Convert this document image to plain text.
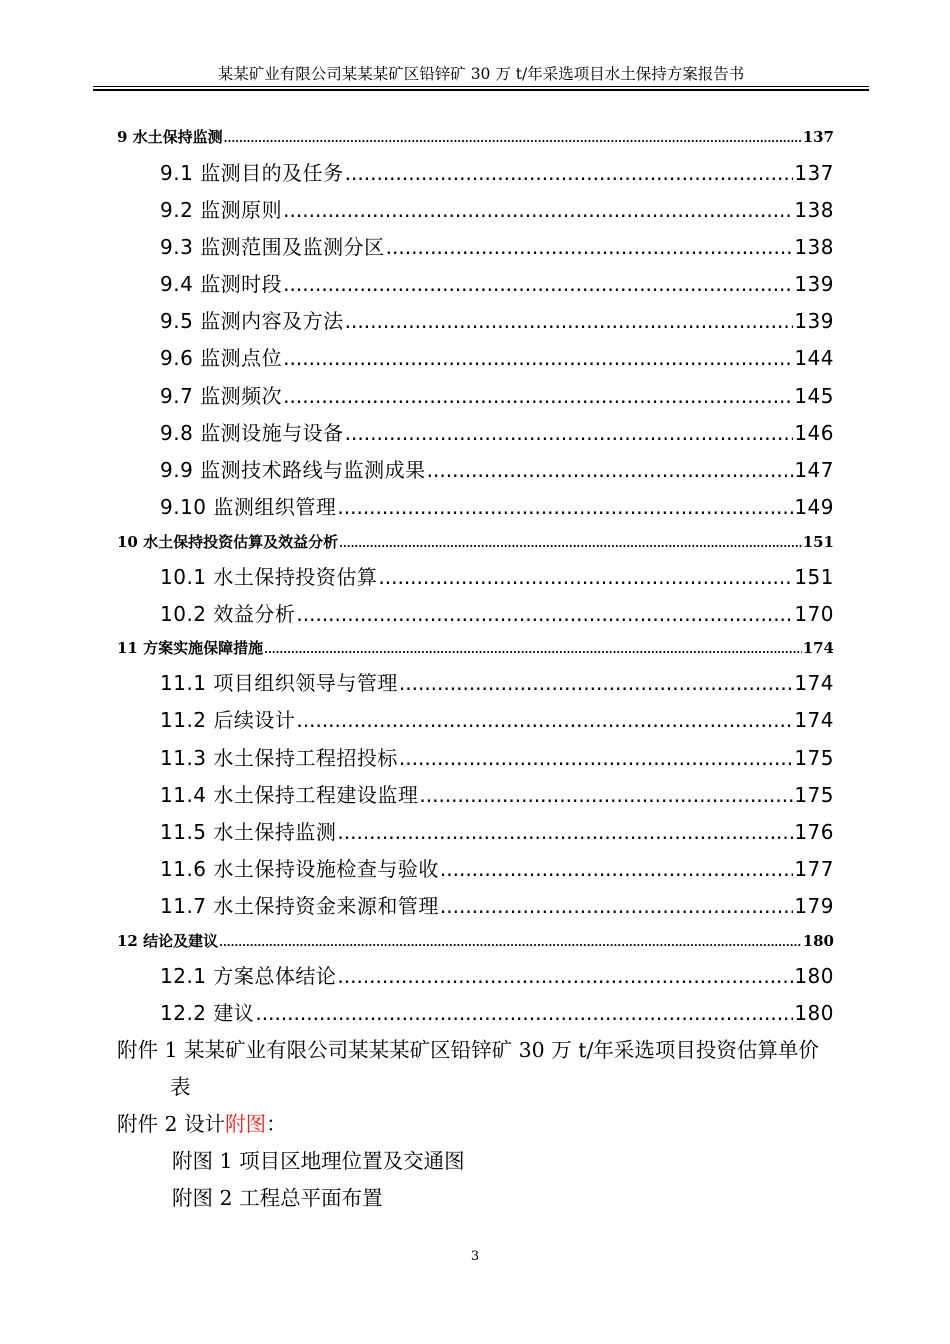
某某矿业有限公司某某某矿区铅锌矿 30 万 t/年采选项目水土保持方案报告书
9 水土保持监测 .....	137
9.1 监测目的及任务 .....	137
9.2 监测原则 .....	138
9.3 监测范围及监测分区 .....	138
9.4 监测时段 .....	139
9.5 监测内容及方法 .....	139
9.6 监测点位 .....	144
9.7 监测频次 .....	145
9.8 监测设施与设备 .....	146
9.9 监测技术路线与监测成果 .....	147
9.10 监测组织管理 .....	149
10 水土保持投资估算及效益分析 .....	151
10.1 水土保持投资估算 .....	151
10.2 效益分析 .....	170
11 方案实施保障措施 .....	174
11.1 项目组织领导与管理 .....	174
11.2 后续设计 .....	174
11.3 水土保持工程招投标 .....	175
11.4 水土保持工程建设监理 .....	175
11.5 水土保持监测 .....	176
11.6 水土保持设施检查与验收 .....	177
11.7 水土保持资金来源和管理 .....	179
12 结论及建议 .....	180
12.1 方案总体结论 .....	180
12.2 建议 .....	180
附件 1 某某矿业有限公司某某某矿区铅锌矿 30 万 t/年采选项目投资估算单价
表
附件 2 设计附图：
附图 1 项目区地理位置及交通图
附图 2 工程总平面布置
3
